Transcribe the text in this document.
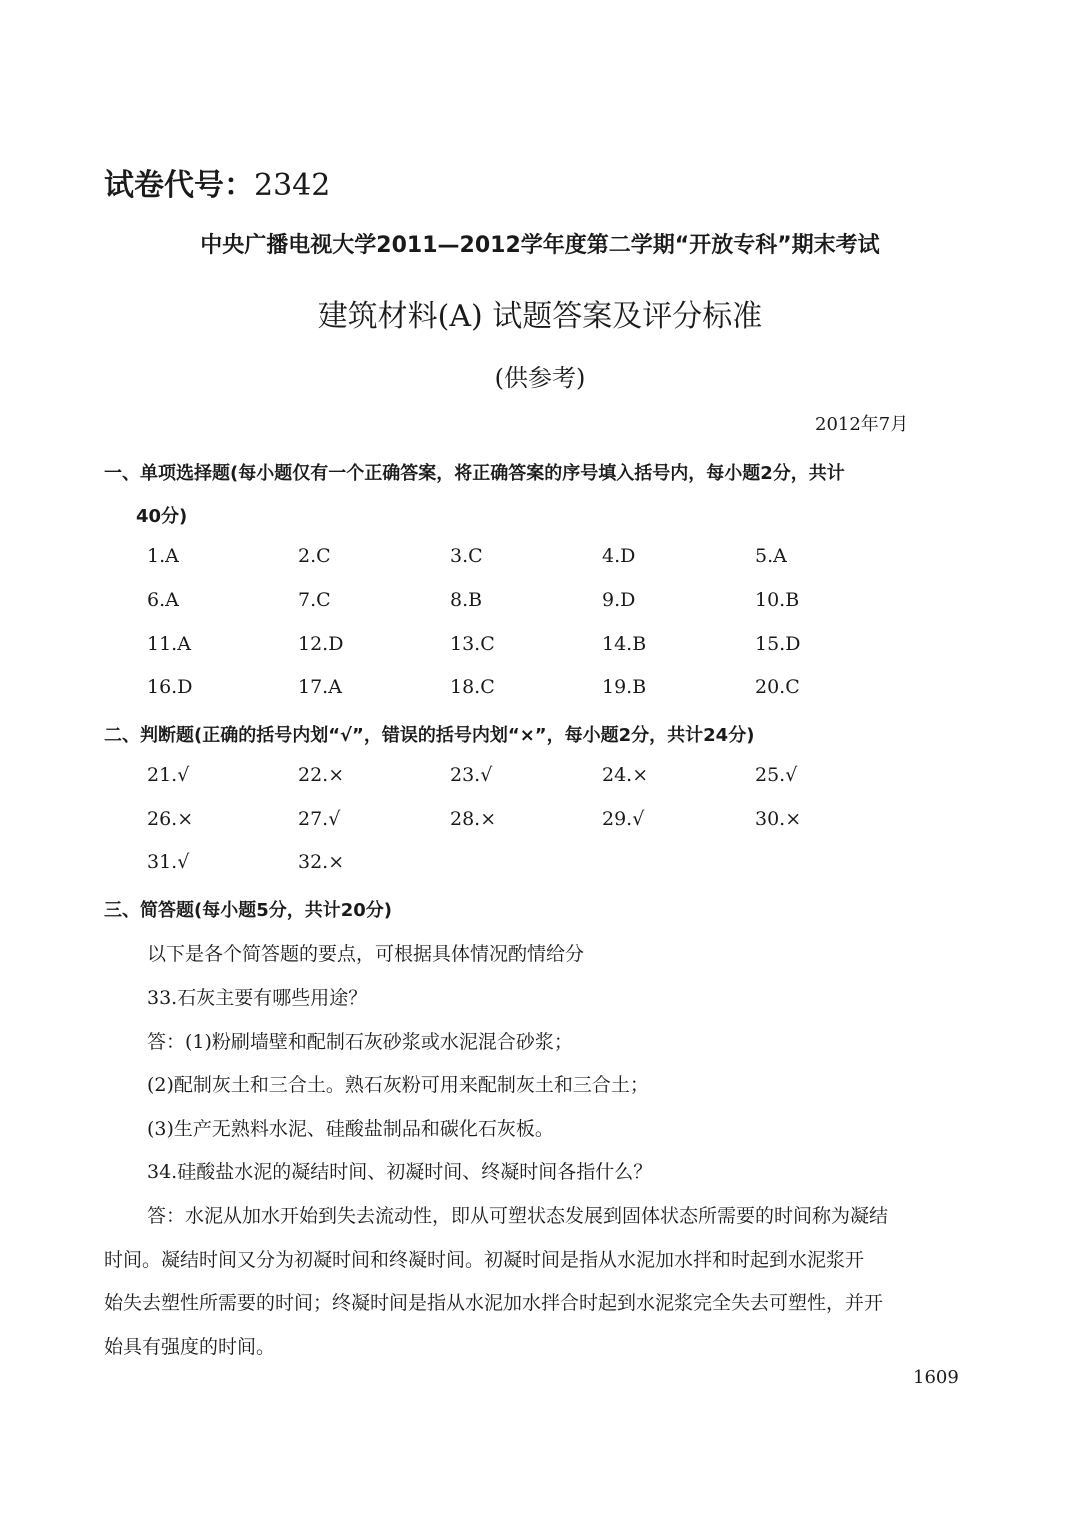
试卷代号：2342
中央广播电视大学2011—2012学年度第二学期“开放专科”期末考试
建筑材料(A) 试题答案及评分标准
(供参考)
2012年7月
一、单项选择题(每小题仅有一个正确答案，将正确答案的序号填入括号内，每小题2分，共计
40分)
1.A	2.C	3.C	4.D	5.A
6.A	7.C	8.B	9.D	10.B
11.A	12.D	13.C	14.B	15.D
16.D	17.A	18.C	19.B	20.C
二、判断题(正确的括号内划“√”，错误的括号内划“×”，每小题2分，共计24分)
21.√	22.×	23.√	24.×	25.√
26.×	27.√	28.×	29.√	30.×
31.√	32.×
三、简答题(每小题5分，共计20分)
以下是各个简答题的要点，可根据具体情况酌情给分
33.石灰主要有哪些用途？
答：(1)粉刷墙壁和配制石灰砂浆或水泥混合砂浆；
(2)配制灰土和三合土。熟石灰粉可用来配制灰土和三合土；
(3)生产无熟料水泥、硅酸盐制品和碳化石灰板。
34.硅酸盐水泥的凝结时间、初凝时间、终凝时间各指什么？
答：水泥从加水开始到失去流动性，即从可塑状态发展到固体状态所需要的时间称为凝结
时间。凝结时间又分为初凝时间和终凝时间。初凝时间是指从水泥加水拌和时起到水泥浆开
始失去塑性所需要的时间；终凝时间是指从水泥加水拌合时起到水泥浆完全失去可塑性，并开
始具有强度的时间。
1609
